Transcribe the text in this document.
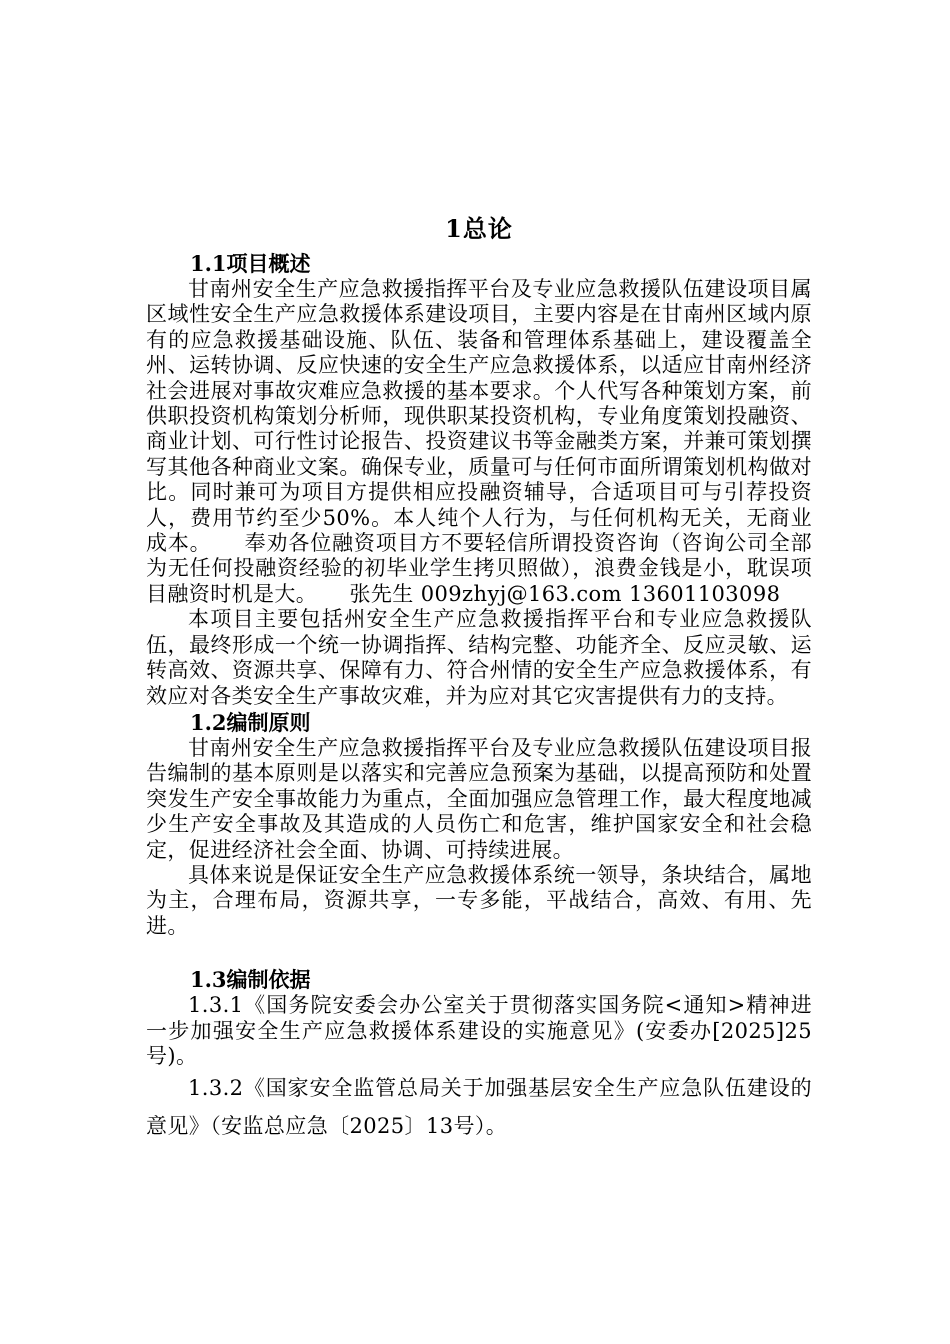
1总论
1.1项目概述

甘南州安全生产应急救援指挥平台及专业应急救援队伍建设项目属区域性安全生产应急救援体系建设项目，主要内容是在甘南州区域内原有的应急救援基础设施、队伍、装备和管理体系基础上，建设覆盖全州、运转协调、反应快速的安全生产应急救援体系，以适应甘南州经济社会进展对事故灾难应急救援的基本要求。个人代写各种策划方案，前供职投资机构策划分析师，现供职某投资机构，专业角度策划投融资、商业计划、可行性讨论报告、投资建议书等金融类方案，并兼可策划撰写其他各种商业文案。确保专业，质量可与任何市面所谓策划机构做对比。同时兼可为项目方提供相应投融资辅导，合适项目可与引荐投资人，费用节约至少50%。本人纯个人行为，与任何机构无关，无商业成本。　　奉劝各位融资项目方不要轻信所谓投资咨询（咨询公司全部为无任何投融资经验的初毕业学生拷贝照做），浪费金钱是小，耽误项目融资时机是大。　　张先生 009zhyj@163.com 13601103098

本项目主要包括州安全生产应急救援指挥平台和专业应急救援队伍，最终形成一个统一协调指挥、结构完整、功能齐全、反应灵敏、运转高效、资源共享、保障有力、符合州情的安全生产应急救援体系，有效应对各类安全生产事故灾难，并为应对其它灾害提供有力的支持。

1.2编制原则

甘南州安全生产应急救援指挥平台及专业应急救援队伍建设项目报告编制的基本原则是以落实和完善应急预案为基础，以提高预防和处置突发生产安全事故能力为重点，全面加强应急管理工作，最大程度地减少生产安全事故及其造成的人员伤亡和危害，维护国家安全和社会稳定，促进经济社会全面、协调、可持续进展。

具体来说是保证安全生产应急救援体系统一领导，条块结合，属地为主，合理布局，资源共享，一专多能，平战结合，高效、有用、先进。

1.3编制依据

1.3.1《国务院安委会办公室关于贯彻落实国务院<通知>精神进一步加强安全生产应急救援体系建设的实施意见》(安委办[2025]25号)。

1.3.2《国家安全监管总局关于加强基层安全生产应急队伍建设的意见》（安监总应急〔2025〕13号）。
